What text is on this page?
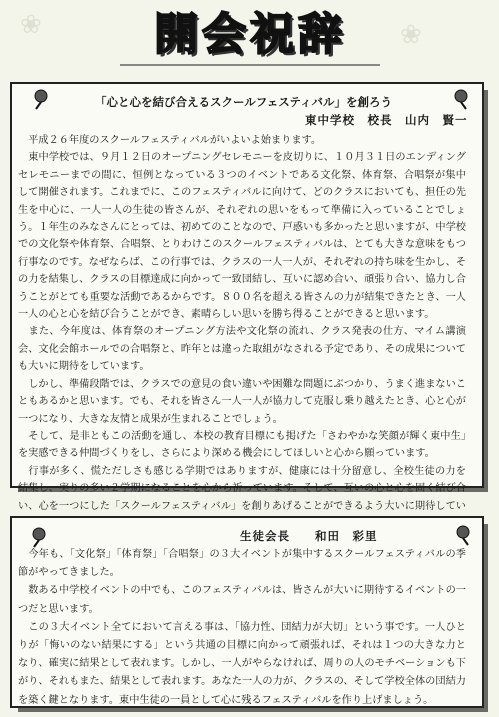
❀	❀
開会祝辞
「心と心を結び合えるスクールフェスティバル」を創ろう
東中学校　校長　山内　賢一

　平成２６年度のスクールフェスティバルがいよいよ始まります。

　東中学校では、９月１２日のオープニングセレモニーを皮切りに、１０月３１日のエンディングセレモニーまでの間に、恒例となっている３つのイベントである文化祭、体育祭、合唱祭が集中して開催されます。これまでに、このフェスティバルに向けて、どのクラスにおいても、担任の先生を中心に、一人一人の生徒の皆さんが、それぞれの思いをもって準備に入っていることでしょう。１年生のみなさんにとっては、初めてのことなので、戸惑いも多かったと思いますが、中学校での文化祭や体育祭、合唱祭、とりわけこのスクールフェスティバルは、とても大きな意味をもつ行事なのです。なぜならば、この行事では、クラスの一人一人が、それぞれの持ち味を生かし、その力を結集し、クラスの目標達成に向かって一致団結し、互いに認め合い、頑張り合い、協力し合うことがとても重要な活動であるからです。８００名を超える皆さんの力が結集できたとき、一人一人の心と心を結び合うことができ、素晴らしい思いを勝ち得ることができると思います。

　また、今年度は、体育祭のオープニング方法や文化祭の流れ、クラス発表の仕方、マイム講演会、文化会館ホールでの合唱祭と、昨年とは違った取組がなされる予定であり、その成果についても大いに期待をしています。

　しかし、準備段階では、クラスでの意見の食い違いや困難な問題にぶつかり、うまく進まないこともあるかと思います。でも、それを皆さん一人一人が協力して克服し乗り越えたとき、心と心が一つになり、大きな友情と成果が生まれることでしょう。

　そして、是非ともこの活動を通し、本校の教育目標にも掲げた「さわやかな笑顔が輝く東中生」を実感できる仲間づくりをし、さらにより深める機会にしてほしいと心から願っています。

　行事が多く、慌ただしさも感じる学期ではありますが、健康には十分留意し、全校生徒の力を結集し、実りの多い２学期になることを心から祈っています。そして、互いの心と心を固く結び合い、心を一つにした「スクールフェスティバル」を創りあげることができるよう大いに期待してい

生徒会長　　和田　彩里

　今年も、「文化祭」「体育祭」「合唱祭」の３大イベントが集中するスクールフェスティバルの季節がやってきました。

　数ある中学校イベントの中でも、このフェスティバルは、皆さんが大いに期待するイベントの一つだと思います。

　この３大イベント全てにおいて言える事は、「協力性、団結力が大切」という事です。一人ひとりが「悔いのない結果にする」という共通の目標に向かって頑張れば、それは１つの大きな力となり、確実に結果として表れます。しかし、一人がやらなければ、周りの人のモチベーションも下がり、それもまた、結果として表れます。あなた一人の力が、クラスの、そして学校全体の団結力を築く鍵となります。東中生徒の一員として心に残るフェスティバルを作り上げましょう。
